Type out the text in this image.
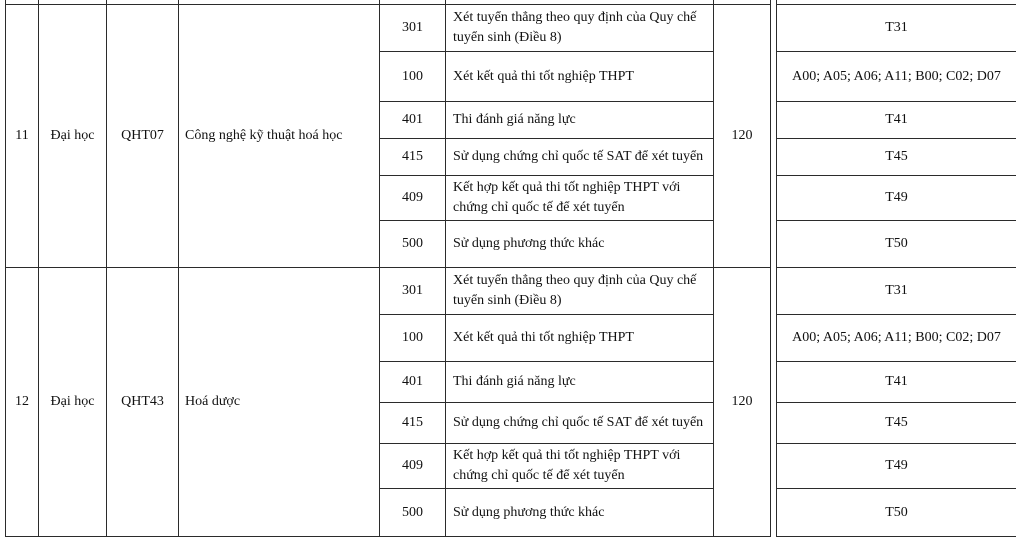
11	Đại học	QHT07	Công nghệ kỹ thuật hoá học	301	Xét tuyển thẳng theo quy định của Quy chế tuyển sinh (Điều 8)	120		T31
				100	Xét kết quả thi tốt nghiệp THPT			A00; A05; A06; A11; B00; C02; D07
				401	Thi đánh giá năng lực			T41
				415	Sử dụng chứng chỉ quốc tế SAT để xét tuyển			T45
				409	Kết hợp kết quả thi tốt nghiệp THPT với chứng chỉ quốc tế để xét tuyển			T49
				500	Sử dụng phương thức khác			T50
12	Đại học	QHT43	Hoá dược	301	Xét tuyển thẳng theo quy định của Quy chế tuyển sinh (Điều 8)	120		T31
				100	Xét kết quả thi tốt nghiệp THPT			A00; A05; A06; A11; B00; C02; D07
				401	Thi đánh giá năng lực			T41
				415	Sử dụng chứng chỉ quốc tế SAT để xét tuyển			T45
				409	Kết hợp kết quả thi tốt nghiệp THPT với chứng chỉ quốc tế để xét tuyển			T49
				500	Sử dụng phương thức khác			T50
